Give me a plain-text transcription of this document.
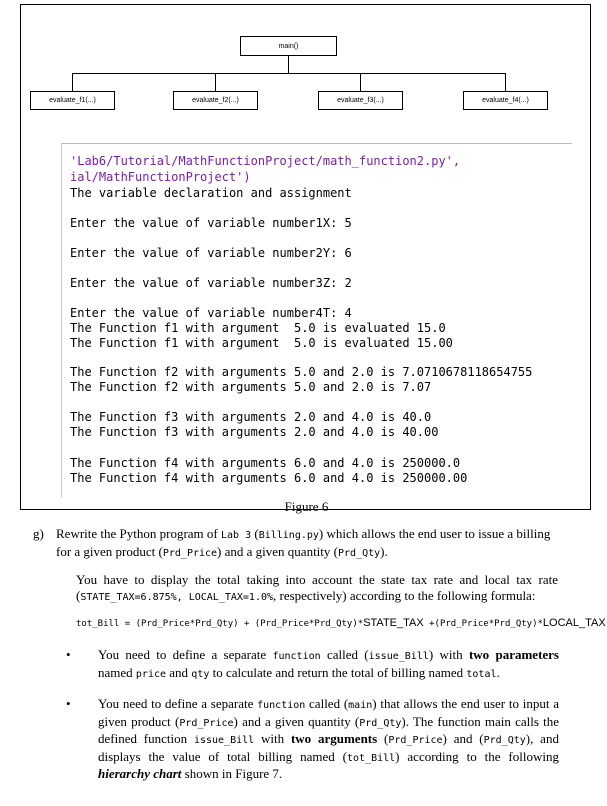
main()
evaluate_f1(...)	evaluate_f2(...)	evaluate_f3(...)	evaluate_f4(...)
'Lab6/Tutorial/MathFunctionProject/math_function2.py',
ial/MathFunctionProject')
The variable declaration and assignment
Enter the value of variable number1X: 5
Enter the value of variable number2Y: 6
Enter the value of variable number3Z: 2
Enter the value of variable number4T: 4
The Function f1 with argument  5.0 is evaluated 15.0
The Function f1 with argument  5.0 is evaluated 15.00
The Function f2 with arguments 5.0 and 2.0 is 7.0710678118654755
The Function f2 with arguments 5.0 and 2.0 is 7.07
The Function f3 with arguments 2.0 and 4.0 is 40.0
The Function f3 with arguments 2.0 and 4.0 is 40.00
The Function f4 with arguments 6.0 and 4.0 is 250000.0
The Function f4 with arguments 6.0 and 4.0 is 250000.00
Figure 6
g) Rewrite the Python program of Lab 3 (Billing.py) which allows the end user to issue a billing for a given product (Prd_Price) and a given quantity (Prd_Qty).
You have to display the total taking into account the state tax rate and local tax rate (STATE_TAX=6.875%, LOCAL_TAX=1.0%, respectively) according to the following formula:
tot_Bill = (Prd_Price*Prd_Qty) + (Prd_Price*Prd_Qty)*STATE_TAX +(Prd_Price*Prd_Qty)*LOCAL_TAX
• You need to define a separate function called (issue_Bill) with two parameters named price and qty to calculate and return the total of billing named total.
• You need to define a separate function called (main) that allows the end user to input a given product (Prd_Price) and a given quantity (Prd_Qty). The function main calls the defined function issue_Bill with two arguments (Prd_Price) and (Prd_Qty), and displays the value of total billing named (tot_Bill) according to the following hierarchy chart shown in Figure 7.
